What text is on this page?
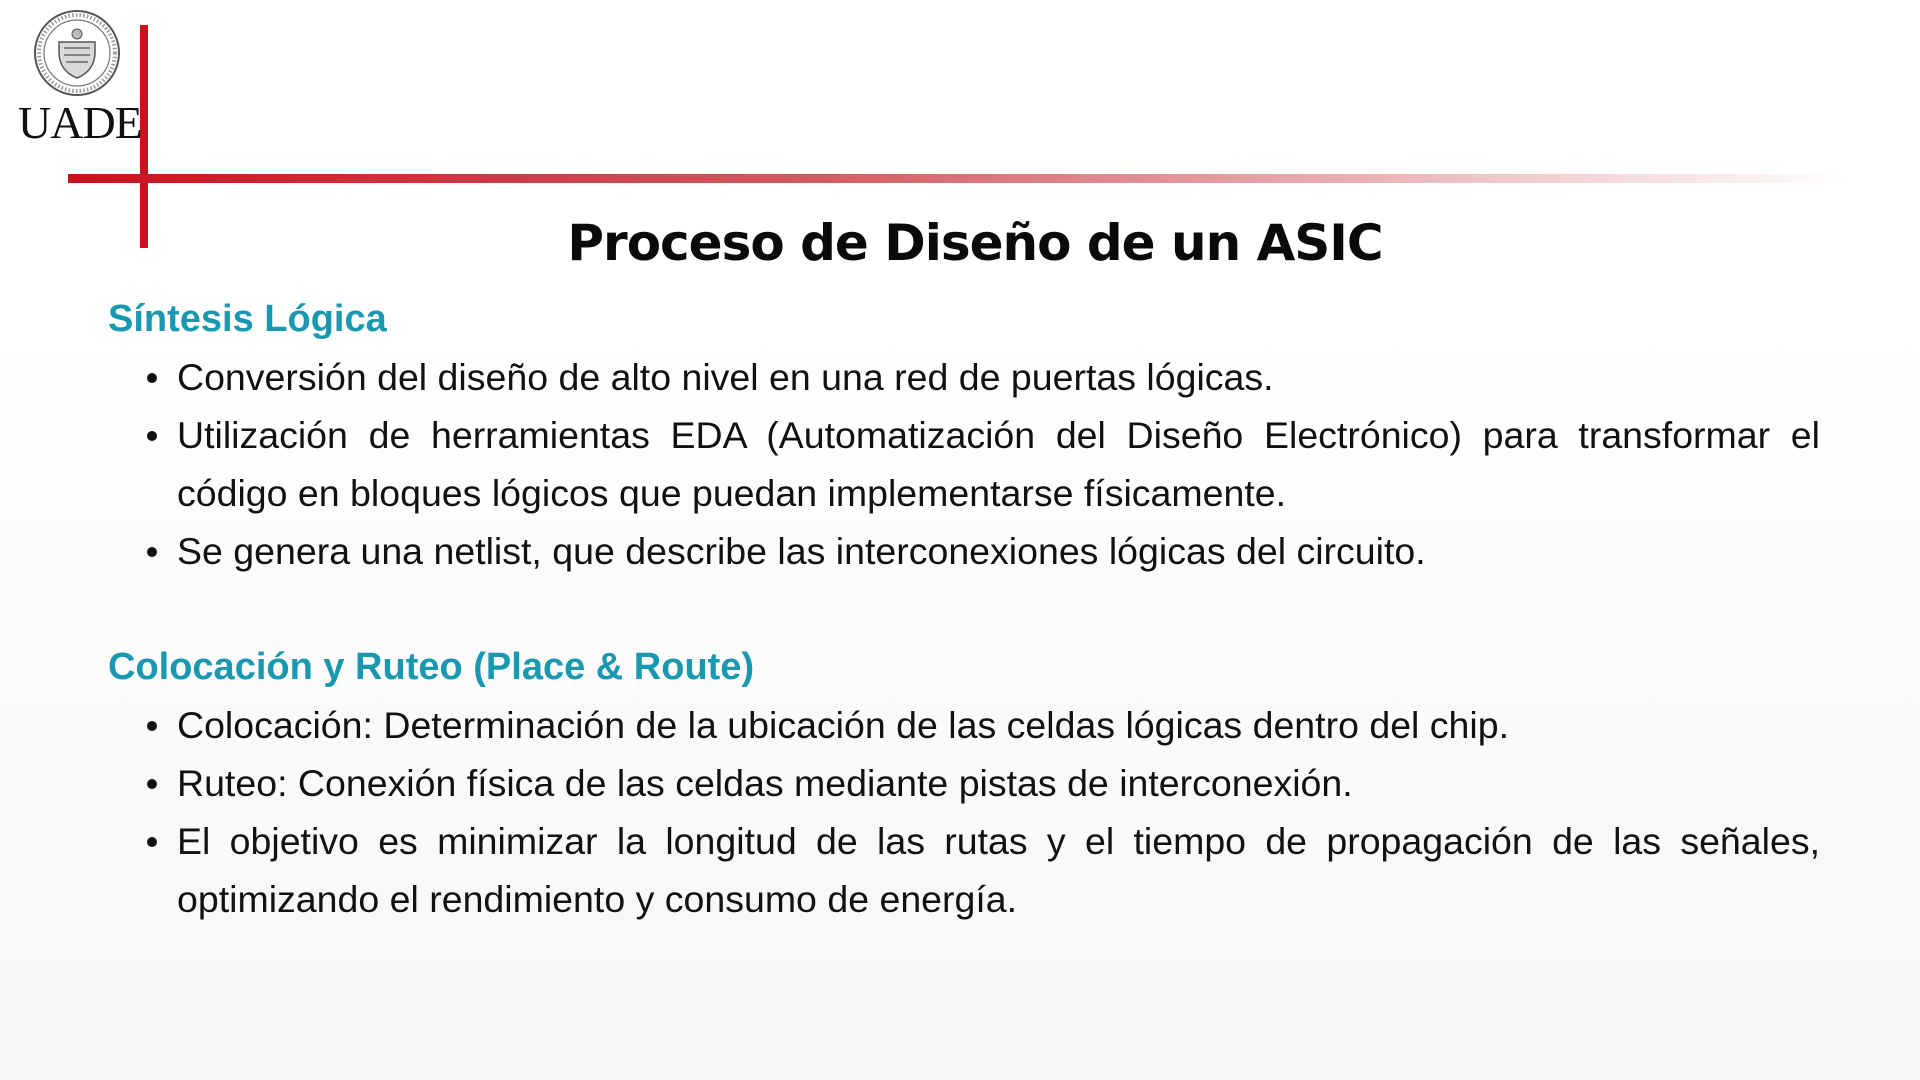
UADE
Proceso de Diseño de un ASIC
Síntesis Lógica
Conversión del diseño de alto nivel en una red de puertas lógicas.
Utilización de herramientas EDA (Automatización del Diseño Electrónico) para transformar el código en bloques lógicos que puedan implementarse físicamente.
Se genera una netlist, que describe las interconexiones lógicas del circuito.
Colocación y Ruteo (Place & Route)
Colocación: Determinación de la ubicación de las celdas lógicas dentro del chip.
Ruteo: Conexión física de las celdas mediante pistas de interconexión.
El objetivo es minimizar la longitud de las rutas y el tiempo de propagación de las señales, optimizando el rendimiento y consumo de energía.
